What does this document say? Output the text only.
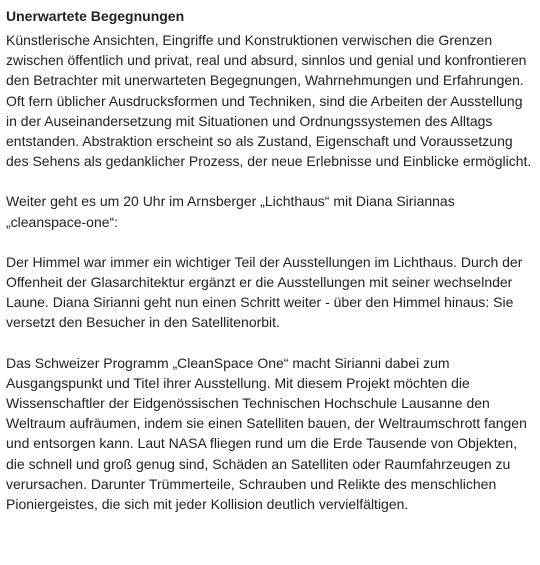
Unerwartete Begegnungen

Künstlerische Ansichten, Eingriffe und Konstruktionen verwischen die Grenzen zwischen öffentlich und privat, real und absurd, sinnlos und genial und konfrontieren den Betrachter mit unerwarteten Begegnungen, Wahrnehmungen und Erfahrungen. Oft fern üblicher Ausdrucksformen und Techniken, sind die Arbeiten der Ausstellung in der Auseinandersetzung mit Situationen und Ordnungssystemen des Alltags entstanden. Abstraktion erscheint so als Zustand, Eigenschaft und Voraussetzung des Sehens als gedanklicher Prozess, der neue Erlebnisse und Einblicke ermöglicht.

Weiter geht es um 20 Uhr im Arnsberger „Lichthaus“ mit Diana Siriannas „cleanspace-one“:

Der Himmel war immer ein wichtiger Teil der Ausstellungen im Lichthaus. Durch der Offenheit der Glasarchitektur ergänzt er die Ausstellungen mit seiner wechselnder Laune. Diana Sirianni geht nun einen Schritt weiter - über den Himmel hinaus: Sie versetzt den Besucher in den Satellitenorbit.

Das Schweizer Programm „CleanSpace One“ macht Sirianni dabei zum Ausgangspunkt und Titel ihrer Ausstellung. Mit diesem Projekt möchten die Wissenschaftler der Eidgenössischen Technischen Hochschule Lausanne den Weltraum aufräumen, indem sie einen Satelliten bauen, der Weltraumschrott fangen und entsorgen kann. Laut NASA fliegen rund um die Erde Tausende von Objekten, die schnell und groß genug sind, Schäden an Satelliten oder Raumfahrzeugen zu verursachen. Darunter Trümmerteile, Schrauben und Relikte des menschlichen Pioniergeistes, die sich mit jeder Kollision deutlich vervielfältigen.
